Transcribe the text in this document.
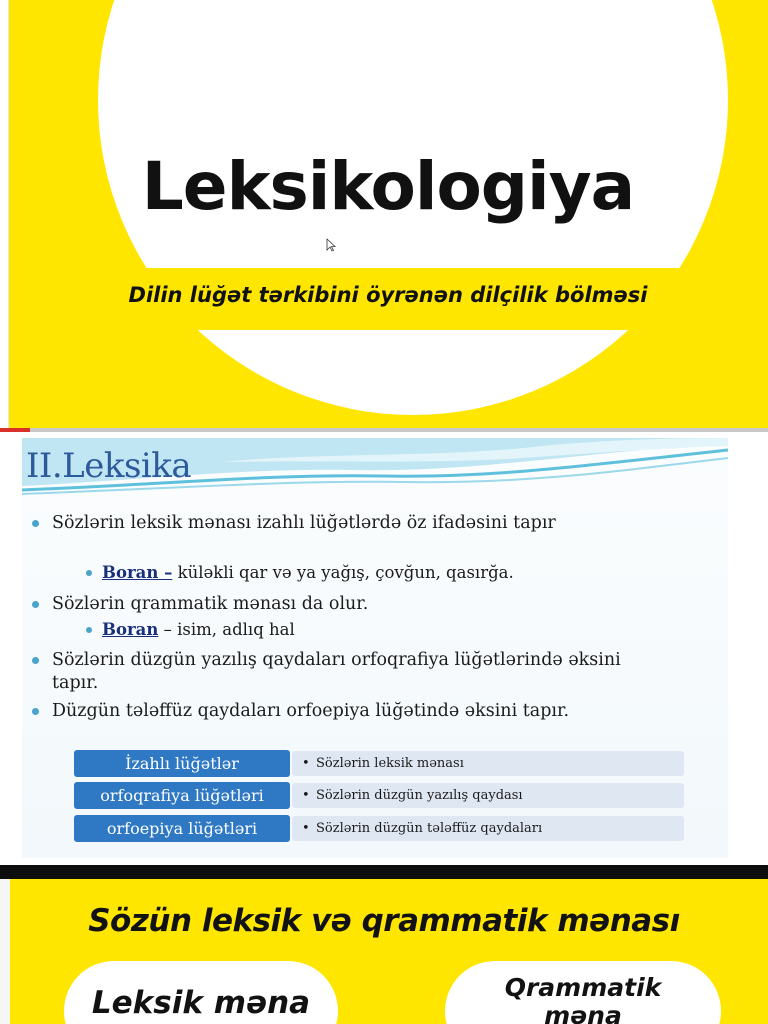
Leksikologiya
Dilin lüğət tərkibini öyrənən dilçilik bölməsi
II.Leksika
Sözlərin leksik mənası izahlı lüğətlərdə öz ifadəsini tapır
Boran – küləkli qar və ya yağış, çovğun, qasırğa.
Sözlərin qrammatik mənası da olur.
Boran – isim, adlıq hal
Sözlərin düzgün yazılış qaydaları orfoqrafiya lüğətlərində əksini tapır.
Düzgün tələffüz qaydaları orfoepiya lüğətində əksini tapır.
İzahlı lüğətlər	• Sözlərin leksik mənası
orfoqrafiya lüğətləri	• Sözlərin düzgün yazılış qaydası
orfoepiya lüğətləri	• Sözlərin düzgün tələffüz qaydaları
Sözün leksik və qrammatik mənası
Leksik məna	Qrammatik
məna
